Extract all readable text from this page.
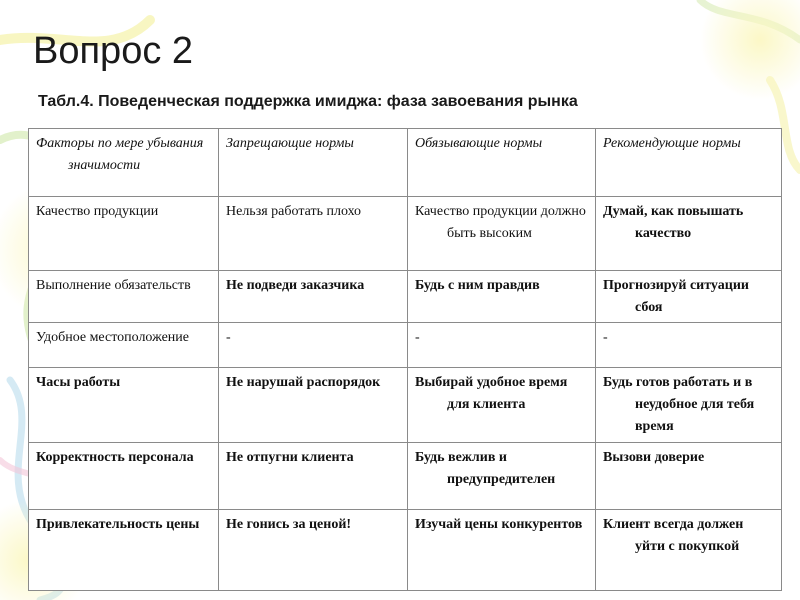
Вопрос 2
Табл.4. Поведенческая поддержка имиджа: фаза завоевания рынка
Факторы по мере убывания значимости	Запрещающие нормы	Обязывающие нормы	Рекомендующие нормы

Качество продукции	Нельзя работать плохо	Качество продукции должно быть высоким	Думай, как повышать качество

Выполнение обязательств	Не подведи заказчика	Будь с ним правдив	Прогнозируй ситуации сбоя

Удобное местоположение	-	-	-

Часы работы	Не нарушай распорядок	Выбирай удобное время для клиента	Будь готов работать и в неудобное для тебя время

Корректность персонала	Не отпугни клиента	Будь вежлив и предупредителен	Вызови доверие

Привлекательность цены	Не гонись за ценой!	Изучай цены конкурентов	Клиент всегда должен уйти с покупкой
